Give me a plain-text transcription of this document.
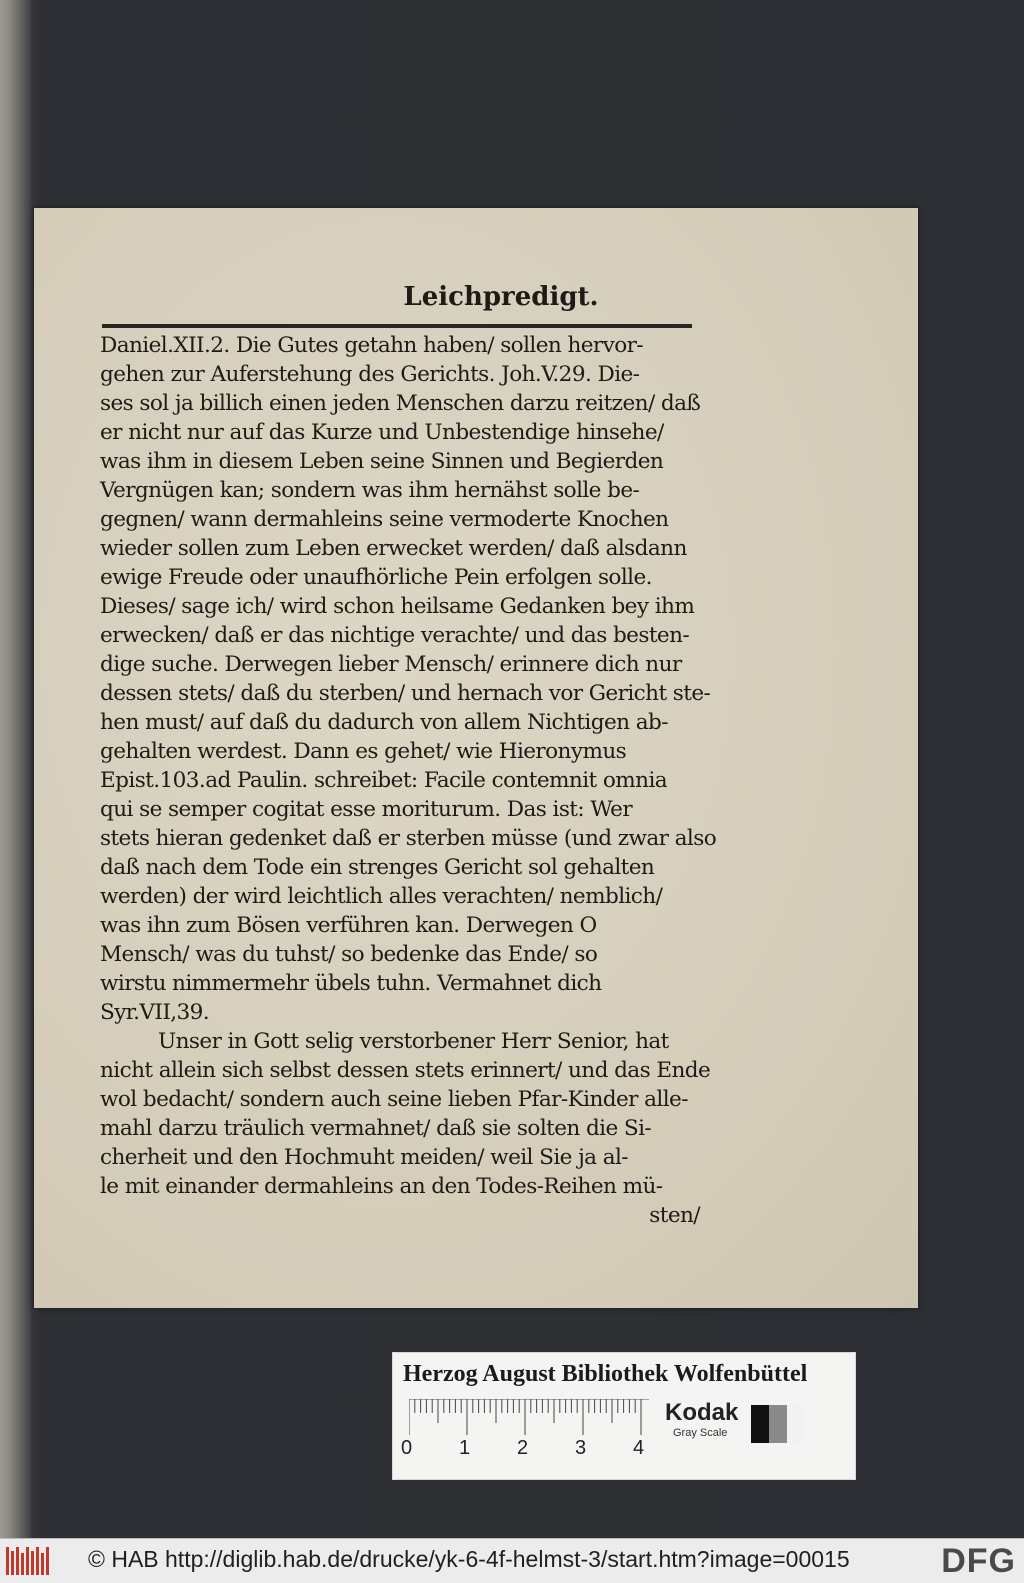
Leichpredigt.
Daniel.XII.2. Die Gutes getahn haben/ sollen hervor-
gehen zur Auferstehung des Gerichts. Joh.V.29. Die-
ses sol ja billich einen jeden Menschen darzu reitzen/ daß
er nicht nur auf das Kurze und Unbestendige hinsehe/
was ihm in diesem Leben seine Sinnen und Begierden
Vergnügen kan; sondern was ihm hernähst solle be-
gegnen/ wann dermahleins seine vermoderte Knochen
wieder sollen zum Leben erwecket werden/ daß alsdann
ewige Freude oder unaufhörliche Pein erfolgen solle.
Dieses/ sage ich/ wird schon heilsame Gedanken bey ihm
erwecken/ daß er das nichtige verachte/ und das besten-
dige suche. Derwegen lieber Mensch/ erinnere dich nur
dessen stets/ daß du sterben/ und hernach vor Gericht ste-
hen must/ auf daß du dadurch von allem Nichtigen ab-
gehalten werdest. Dann es gehet/ wie Hieronymus
Epist.103.ad Paulin. schreibet: Facile contemnit omnia
qui se semper cogitat esse moriturum. Das ist: Wer
stets hieran gedenket daß er sterben müsse (und zwar also
daß nach dem Tode ein strenges Gericht sol gehalten
werden) der wird leichtlich alles verachten/ nemblich/
was ihn zum Bösen verführen kan. Derwegen O
Mensch/ was du tuhst/ so bedenke das Ende/ so
wirstu nimmermehr übels tuhn. Vermahnet dich
Syr.VII,39.
Unser in Gott selig verstorbener Herr Senior, hat
nicht allein sich selbst dessen stets erinnert/ und das Ende
wol bedacht/ sondern auch seine lieben Pfar-Kinder alle-
mahl darzu träulich vermahnet/ daß sie solten die Si-
cherheit und den Hochmuht meiden/ weil Sie ja al-
le mit einander dermahleins an den Todes-Reihen mü-
sten/
Herzog August Bibliothek Wolfenbüttel
0 1 2 3 4
Kodak
Gray Scale
© HAB http://diglib.hab.de/drucke/yk-6-4f-helmst-3/start.htm?image=00015	DFG
